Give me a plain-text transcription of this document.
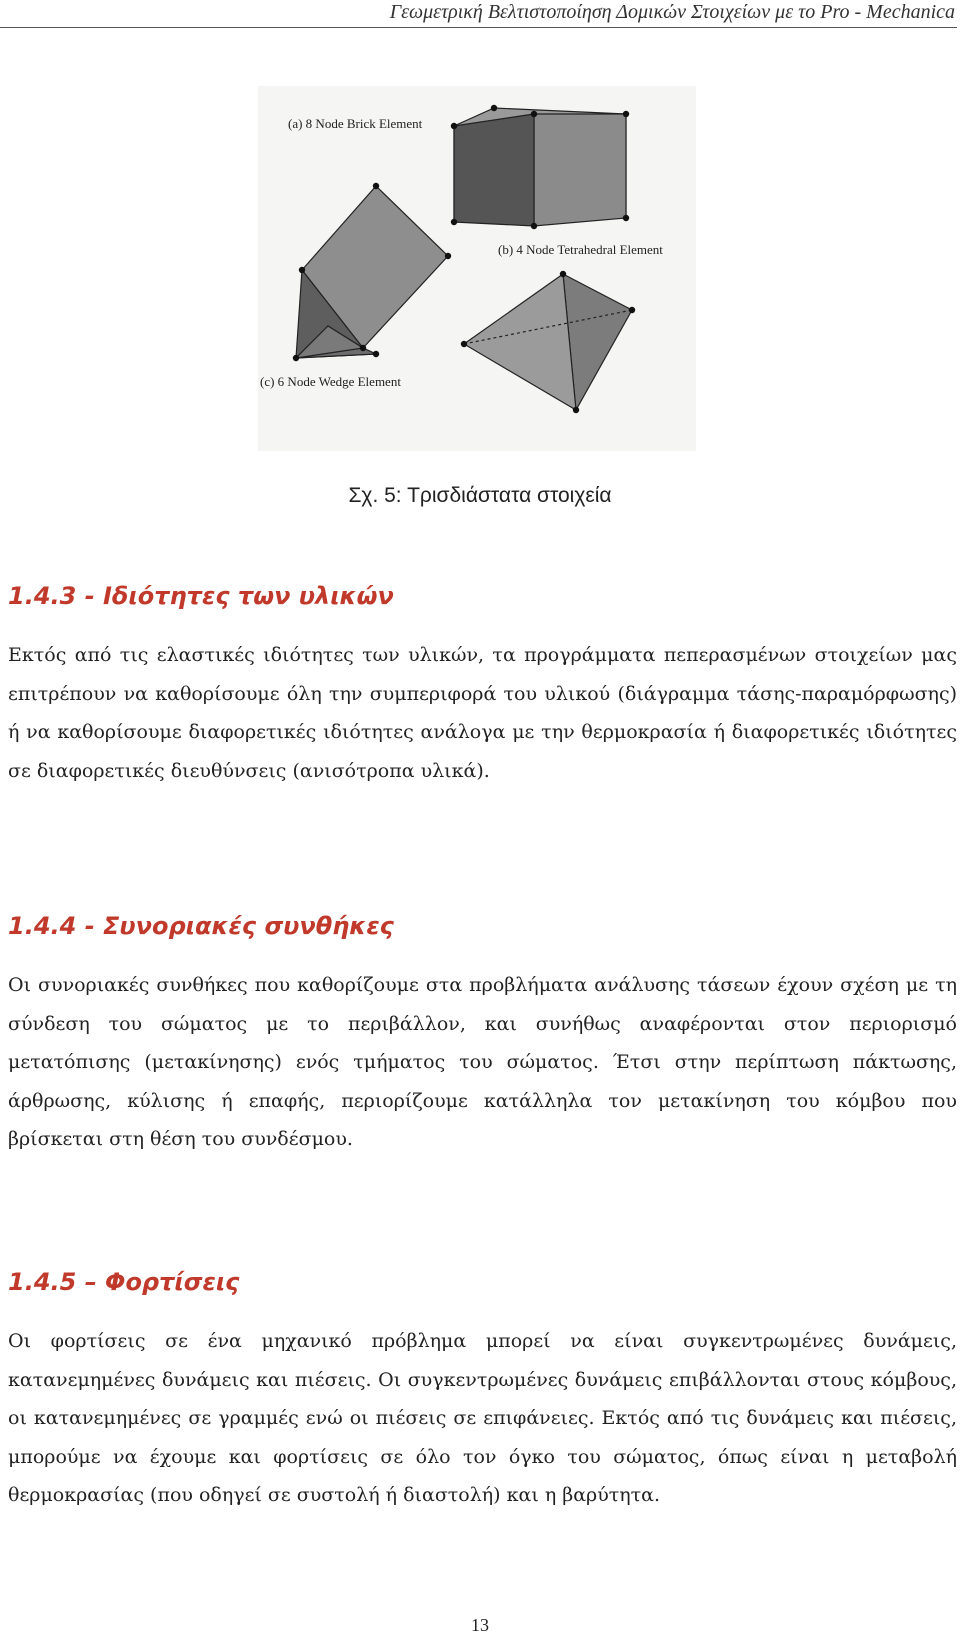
Γεωμετρική Βελτιστοποίηση Δομικών Στοιχείων με το Pro - Mechanica
(a) 8 Node Brick Element
(c) 6 Node Wedge Element
(b) 4 Node Tetrahedral Element
Σχ. 5: Τρισδιάστατα στοιχεία
1.4.3 - Ιδιότητες των υλικών

Εκτός από τις ελαστικές ιδιότητες των υλικών, τα προγράμματα πεπερασμένων στοιχείων μας επιτρέπουν να καθορίσουμε όλη την συμπεριφορά του υλικού (διάγραμμα τάσης-παραμόρφωσης) ή να καθορίσουμε διαφορετικές ιδιότητες ανάλογα με την θερμοκρασία ή διαφορετικές ιδιότητες σε διαφορετικές διευθύνσεις (ανισότροπα υλικά).

1.4.4 - Συνοριακές συνθήκες

Οι συνοριακές συνθήκες που καθορίζουμε στα προβλήματα ανάλυσης τάσεων έχουν σχέση με τη σύνδεση του σώματος με το περιβάλλον, και συνήθως αναφέρονται στον περιορισμό μετατόπισης (μετακίνησης) ενός τμήματος του σώματος. Έτσι στην περίπτωση πάκτωσης, άρθρωσης, κύλισης ή επαφής, περιορίζουμε κατάλληλα τον μετακίνηση του κόμβου που βρίσκεται στη θέση του συνδέσμου.

1.4.5 – Φορτίσεις

Οι φορτίσεις σε ένα μηχανικό πρόβλημα μπορεί να είναι συγκεντρωμένες δυνάμεις, κατανεμημένες δυνάμεις και πιέσεις. Οι συγκεντρωμένες δυνάμεις επιβάλλονται στους κόμβους, οι κατανεμημένες σε γραμμές ενώ οι πιέσεις σε επιφάνειες. Εκτός από τις δυνάμεις και πιέσεις, μπορούμε να έχουμε και φορτίσεις σε όλο τον όγκο του σώματος, όπως είναι η μεταβολή θερμοκρασίας (που οδηγεί σε συστολή ή διαστολή) και η βαρύτητα.

13
